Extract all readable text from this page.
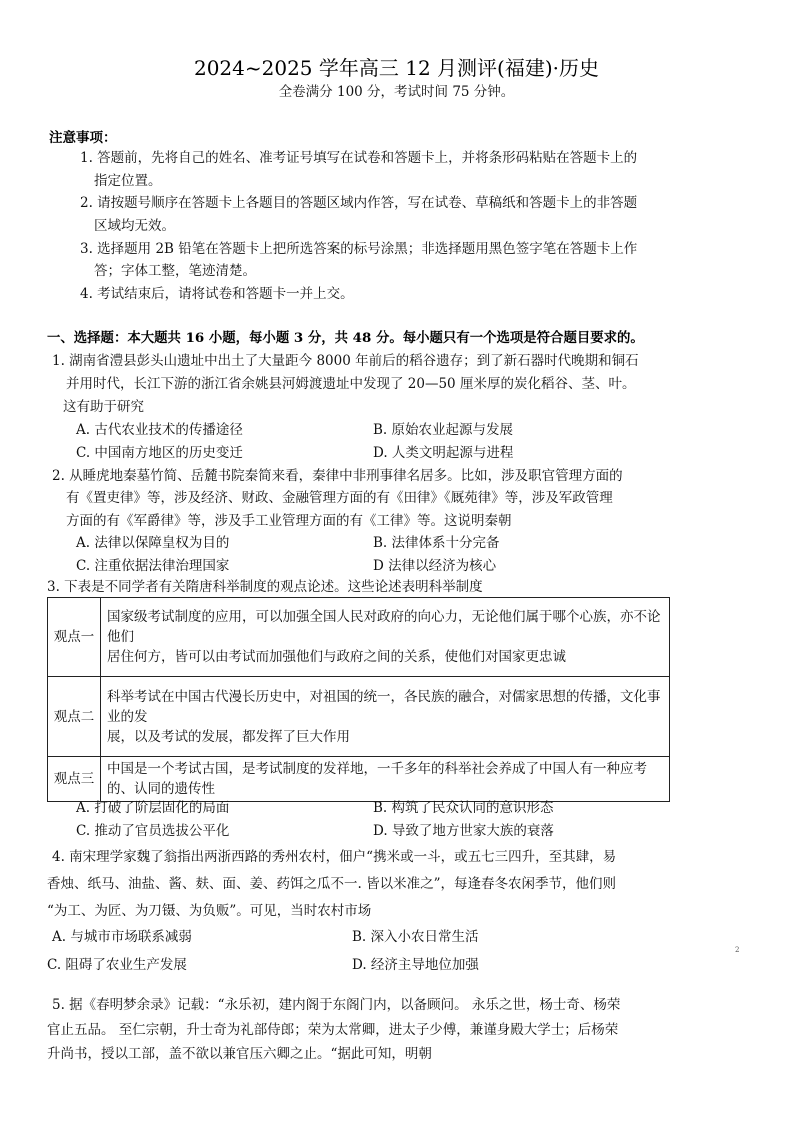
2024~2025 学年高三 12 月测评(福建)·历史
全卷满分 100 分，考试时间 75 分钟。
注意事项：
1. 答题前，先将自己的姓名、准考证号填写在试卷和答题卡上，并将条形码粘贴在答题卡上的
指定位置。
2. 请按题号顺序在答题卡上各题目的答题区域内作答，写在试卷、草稿纸和答题卡上的非答题
区域均无效。
3. 选择题用 2B 铅笔在答题卡上把所选答案的标号涂黑；非选择题用黑色签字笔在答题卡上作
答；字体工整，笔迹清楚。
4. 考试结束后，请将试卷和答题卡一并上交。
一、选择题：本大题共 16 小题，每小题 3 分，共 48 分。每小题只有一个选项是符合题目要求的。
1. 湖南省澧县彭头山遗址中出土了大量距今 8000 年前后的稻谷遗存；到了新石器时代晚期和铜石
并用时代，长江下游的浙江省余姚县河姆渡遗址中发现了 20—50 厘米厚的炭化稻谷、茎、叶。
这有助于研究
A. 古代农业技术的传播途径	B. 原始农业起源与发展
C. 中国南方地区的历史变迁	D. 人类文明起源与进程
2. 从睡虎地秦墓竹简、岳麓书院秦简来看，秦律中非刑事律名居多。比如，涉及职官管理方面的
有《置吏律》等，涉及经济、财政、金融管理方面的有《田律》《厩苑律》等，涉及军政管理
方面的有《军爵律》等，涉及手工业管理方面的有《工律》等。这说明秦朝
A. 法律以保障皇权为目的	B. 法律体系十分完备
C. 注重依据法律治理国家	D 法律以经济为核心
3. 下表是不同学者有关隋唐科举制度的观点论述。这些论述表明科举制度
观点一	国家级考试制度的应用，可以加强全国人民对政府的向心力，无论他们属于哪个心族，亦不论他们
居住何方，皆可以由考试而加强他们与政府之间的关系，使他们对国家更忠诚

观点二	科举考试在中国古代漫长历史中，对祖国的统一，各民族的融合，对儒家思想的传播，文化事业的发
展，以及考试的发展，都发挥了巨大作用

观点三	中国是一个考试古国，是考试制度的发祥地，一千多年的科举社会养成了中国人有一种应考的、认同的遗传性
A. 打破了阶层固化的局面	B. 构筑了民众认同的意识形态
C. 推动了官员选拔公平化	D. 导致了地方世家大族的衰落
4. 南宋理学家魏了翁指出两浙西路的秀州农村，佃户“携米或一斗，或五七三四升，至其肆，易
香烛、纸马、油盐、酱、麸、面、姜、药饵之瓜不一. 皆以米准之”，每逢春冬农闲季节，他们则
“为工、为匠、为刀镊、为负贩”。可见，当时农村市场
A. 与城市市场联系减弱	B. 深入小农日常生活
C. 阻碍了农业生产发展	D. 经济主导地位加强
5. 据《春明梦余录》记载：“永乐初，建内阁于东阁门内，以备顾问。 永乐之世，杨士奇、杨荣
官止五品。 至仁宗朝，升士奇为礼部侍郎；荣为太常卿，进太子少傅，兼谨身殿大学士；后杨荣
升尚书，授以工部，盖不欲以兼官压六卿之止。“据此可知，明朝
2
